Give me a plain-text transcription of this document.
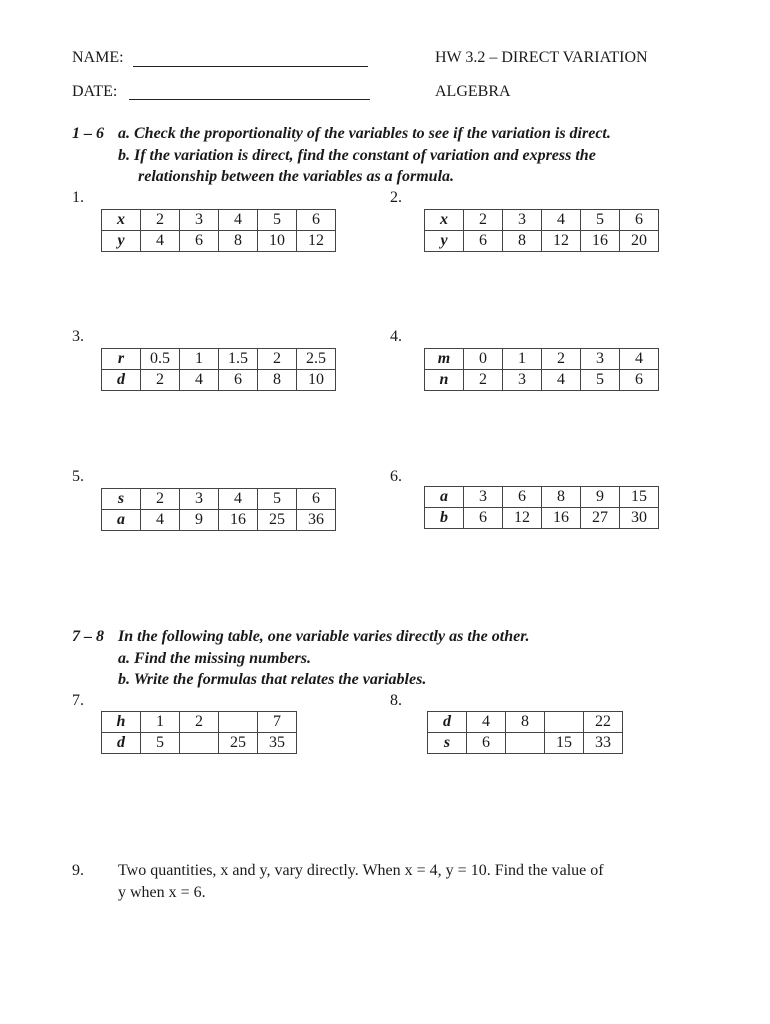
NAME:
DATE:
HW 3.2 – DIRECT VARIATION
ALGEBRA
1 – 6 a. Check the proportionality of the variables to see if the variation is direct.
b. If the variation is direct, find the constant of variation and express the
relationship between the variables as a formula.
1.
x	2	3	4	5	6
y	4	6	8	10	12
2.
x	2	3	4	5	6
y	6	8	12	16	20
3.
r	0.5	1	1.5	2	2.5
d	2	4	6	8	10
4.
m	0	1	2	3	4
n	2	3	4	5	6
5.
s	2	3	4	5	6
a	4	9	16	25	36
6.
a	3	6	8	9	15
b	6	12	16	27	30
7 – 8 In the following table, one variable varies directly as the other.
a. Find the missing numbers.
b. Write the formulas that relates the variables.
7.
h	1	2		7
d	5		25	35
8.
d	4	8		22
s	6		15	33
9. Two quantities, x and y, vary directly. When x = 4, y = 10. Find the value of
y when x = 6.
